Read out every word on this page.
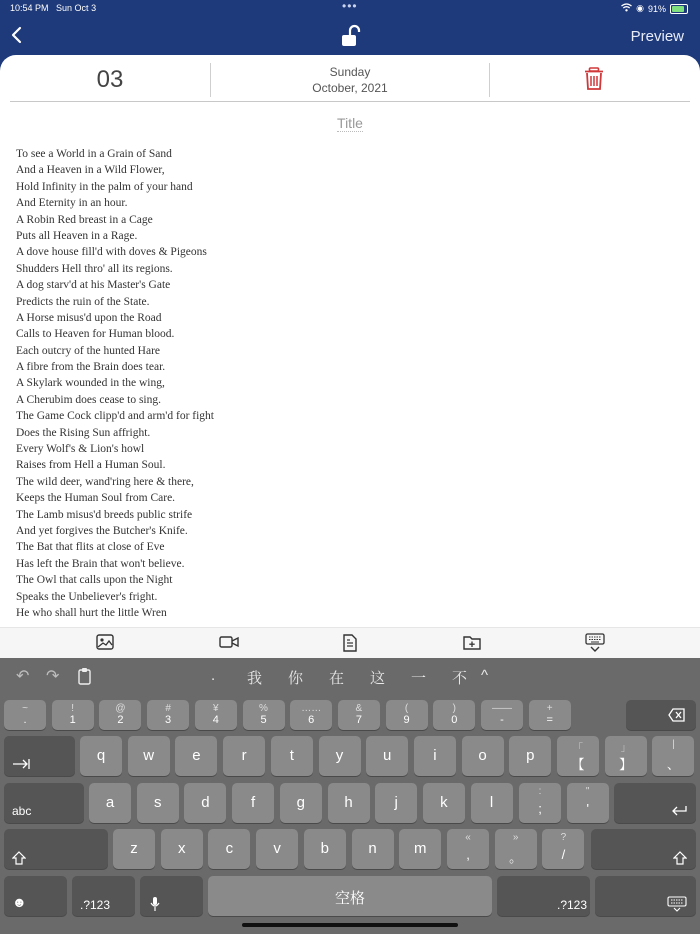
10:54 PM Sun Oct 3	•••	◉ 91%
Preview
03	Sunday
October, 2021
Title
To see a World in a Grain of Sand
And a Heaven in a Wild Flower,
Hold Infinity in the palm of your hand
And Eternity in an hour.
A Robin Red breast in a Cage
Puts all Heaven in a Rage.
A dove house fill'd with doves & Pigeons
Shudders Hell thro' all its regions.
A dog starv'd at his Master's Gate
Predicts the ruin of the State.
A Horse misus'd upon the Road
Calls to Heaven for Human blood.
Each outcry of the hunted Hare
A fibre from the Brain does tear.
A Skylark wounded in the wing,
A Cherubim does cease to sing.
The Game Cock clipp'd and arm'd for fight
Does the Rising Sun affright.
Every Wolf's & Lion's howl
Raises from Hell a Human Soul.
The wild deer, wand'ring here & there,
Keeps the Human Soul from Care.
The Lamb misus'd breeds public strife
And yet forgives the Butcher's Knife.
The Bat that flits at close of Eve
Has left the Brain that won't believe.
The Owl that calls upon the Night
Speaks the Unbeliever's fright.
He who shall hurt the little Wren
↶ ↷	. 我 你 在 这 一 不 ^
~
.
!
1
@
2
#
3
¥
4
%
5
……
6
&
7
(
9
)
0
——
-
+
=
q	w	e	r	t	y	u	i	o	p	「
【
」
】
|
、
abc	a	s	d	f	g	h	j	k	l
:
;
"
'
z	x	c	v	b	n	m
«
,
»
。
?
/
☻	.?123	空格	.?123
